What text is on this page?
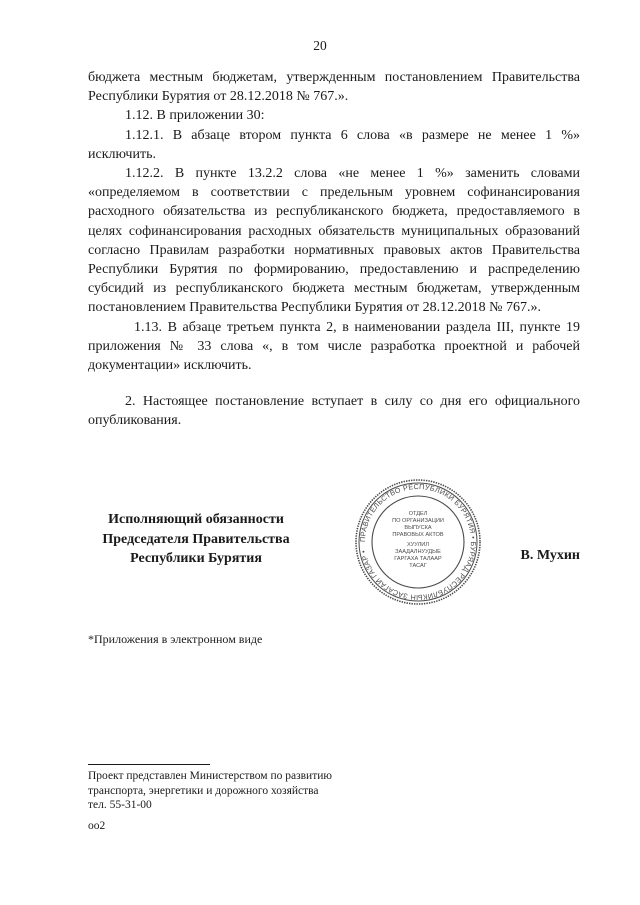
20

бюджета местным бюджетам, утвержденным постановлением Правительства Республики Бурятия от 28.12.2018 № 767.».

1.12. В приложении 30:

1.12.1. В абзаце втором пункта 6 слова «в размере не менее 1 %» исключить.

1.12.2. В пункте 13.2.2 слова «не менее 1 %» заменить словами «определяемом в соответствии с предельным уровнем софинансирования расходного обязательства из республиканского бюджета, предоставляемого в целях софинансирования расходных обязательств муниципальных образований согласно Правилам разработки нормативных правовых актов Правительства Республики Бурятия по формированию, предоставлению и распределению субсидий из республиканского бюджета местным бюджетам, утвержденным постановлением Правительства Республики Бурятия от 28.12.2018 № 767.».

1.13. В абзаце третьем пункта 2, в наименовании раздела III, пункте 19 приложения № 33 слова «, в том числе разработка проектной и рабочей документации» исключить.

2. Настоящее постановление вступает в силу со дня его официального опубликования.

Исполняющий обязанности
Председателя Правительства
Республики Бурятия
ПРАВИТЕЛЬСТВО РЕСПУБЛИКИ БУРЯТИЯ • БУРЯАД РЕСПУБЛИКЫН ЗАСАГАЙ ГАЗАР •
ОТДЕЛ
ПО ОРГАНИЗАЦИИ
ВЫПУСКА
ПРАВОВЫХ АКТОВ
ХУУЛИЛ
ЗААДАЛНУУДЫЕ
ГАРГАХА ТАЛААР
ТАСАГ
В. Мухин
*Приложения в электронном виде
Проект представлен Министерством по развитию
транспорта, энергетики и дорожного хозяйства
тел. 55-31-00
оо2
